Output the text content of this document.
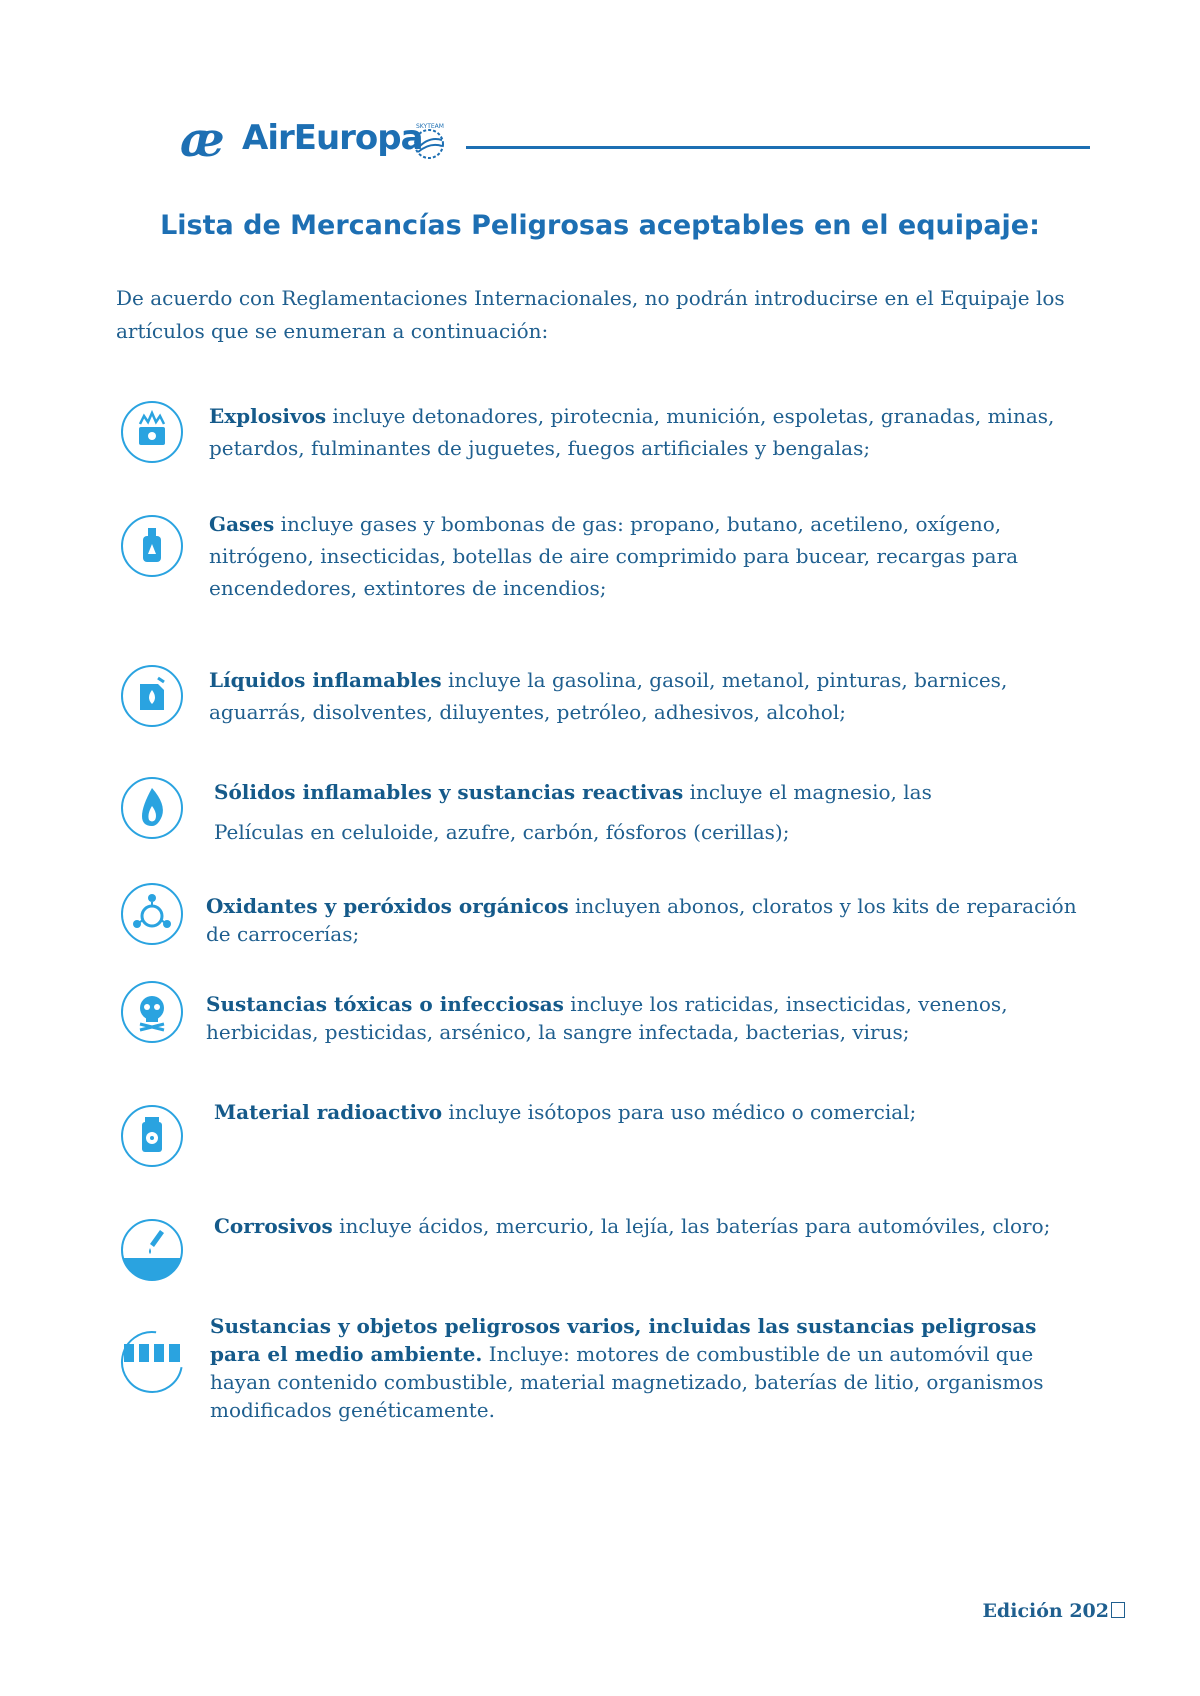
æ AirEuropa
SKYTEAM
Lista de Mercancías Peligrosas aceptables en el equipaje:
De acuerdo con Reglamentaciones Internacionales, no podrán introducirse en el Equipaje los artículos que se enumeran a continuación:
Explosivos incluye detonadores, pirotecnia, munición, espoletas, granadas, minas, petardos, fulminantes de juguetes, fuegos artificiales y bengalas;
Gases incluye gases y bombonas de gas: propano, butano, acetileno, oxígeno, nitrógeno, insecticidas, botellas de aire comprimido para bucear, recargas para encendedores, extintores de incendios;
Líquidos inflamables incluye la gasolina, gasoil, metanol, pinturas, barnices, aguarrás, disolventes, diluyentes, petróleo, adhesivos, alcohol;
Sólidos inflamables y sustancias reactivas incluye el magnesio, las
Películas en celuloide, azufre, carbón, fósforos (cerillas);
Oxidantes y peróxidos orgánicos incluyen abonos, cloratos y los kits de reparación de carrocerías;
Sustancias tóxicas o infecciosas incluye los raticidas, insecticidas, venenos, herbicidas, pesticidas, arsénico, la sangre infectada, bacterias, virus;
Material radioactivo incluye isótopos para uso médico o comercial;
Corrosivos incluye ácidos, mercurio, la lejía, las baterías para automóviles, cloro;
Sustancias y objetos peligrosos varios, incluidas las sustancias peligrosas para el medio ambiente. Incluye: motores de combustible de un automóvil que hayan contenido combustible, material magnetizado, baterías de litio, organismos modificados genéticamente.
Edición 202
